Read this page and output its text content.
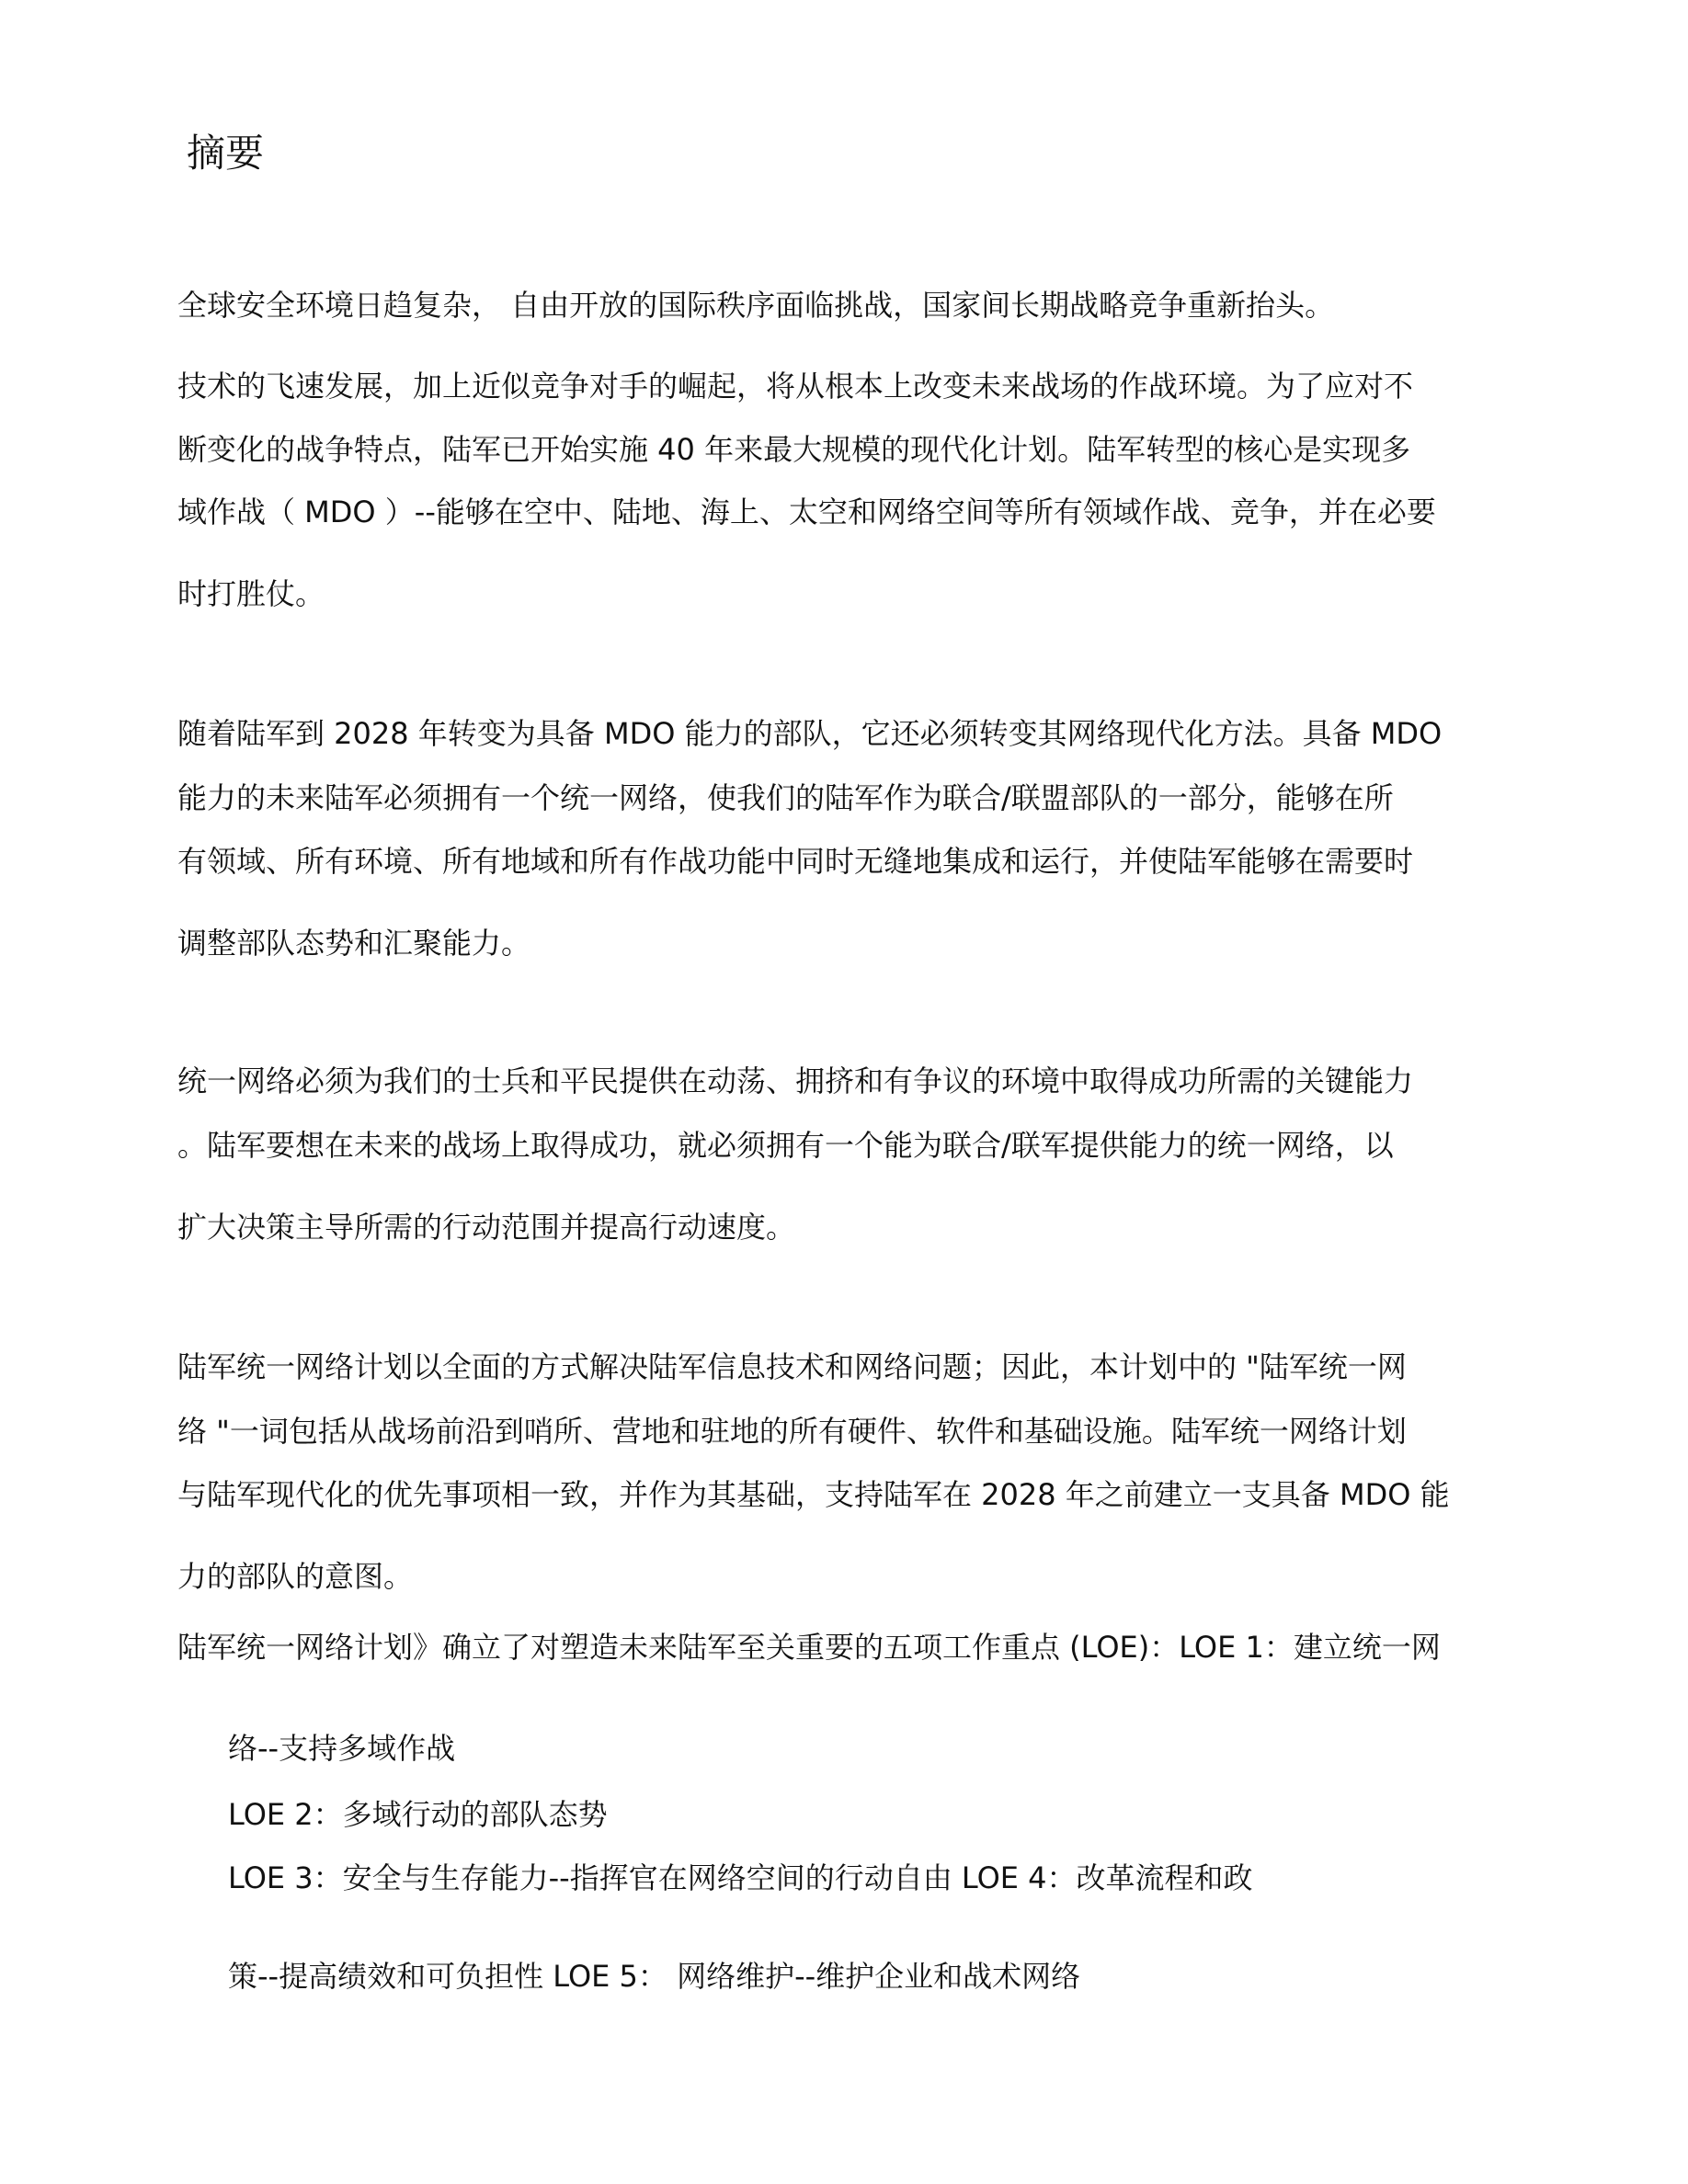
摘要

全球安全环境日趋复杂， 自由开放的国际秩序面临挑战，国家间长期战略竞争重新抬头。

技术的飞速发展，加上近似竞争对手的崛起，将从根本上改变未来战场的作战环境。为了应对不

断变化的战争特点，陆军已开始实施 40 年来最大规模的现代化计划。陆军转型的核心是实现多

域作战（ MDO ）--能够在空中、陆地、海上、太空和网络空间等所有领域作战、竞争，并在必要

时打胜仗。

随着陆军到 2028 年转变为具备 MDO 能力的部队，它还必须转变其网络现代化方法。具备 MDO

能力的未来陆军必须拥有一个统一网络，使我们的陆军作为联合/联盟部队的一部分，能够在所

有领域、所有环境、所有地域和所有作战功能中同时无缝地集成和运行，并使陆军能够在需要时

调整部队态势和汇聚能力。

统一网络必须为我们的士兵和平民提供在动荡、拥挤和有争议的环境中取得成功所需的关键能力

。陆军要想在未来的战场上取得成功，就必须拥有一个能为联合/联军提供能力的统一网络，以

扩大决策主导所需的行动范围并提高行动速度。

陆军统一网络计划以全面的方式解决陆军信息技术和网络问题；因此，本计划中的 "陆军统一网

络 "一词包括从战场前沿到哨所、营地和驻地的所有硬件、软件和基础设施。陆军统一网络计划

与陆军现代化的优先事项相一致，并作为其基础，支持陆军在 2028 年之前建立一支具备 MDO 能

力的部队的意图。

陆军统一网络计划》确立了对塑造未来陆军至关重要的五项工作重点 (LOE)：LOE 1：建立统一网

络--支持多域作战

LOE 2：多域行动的部队态势

LOE 3：安全与生存能力--指挥官在网络空间的行动自由 LOE 4：改革流程和政

策--提高绩效和可负担性 LOE 5： 网络维护--维护企业和战术网络
